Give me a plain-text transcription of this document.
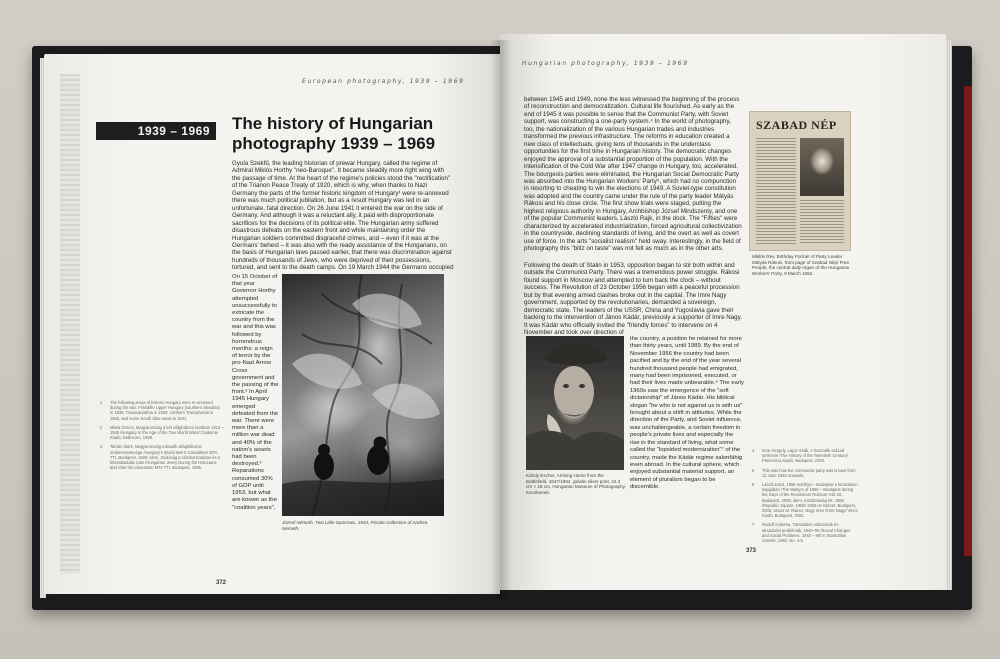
European photography, 1939 – 1969
1939 – 1969	The history of Hungarian photography 1939 – 1969

Gyula Szekfű, the leading historian of prewar Hungary, called the regime of Admiral Miklós Horthy "neo-Baroque". It became steadily more right wing with the passage of time. At the heart of the regime's policies stood the "rectification" of the Trianon Peace Treaty of 1920, which is why, when thanks to Nazi Germany the parts of the former historic kingdom of Hungary¹ were re-annexed there was much political jubilation, but as a result Hungary was led in an unfortunate, fatal direction. On 26 June 1941 it entered the war on the side of Germany. And although it was a reluctant ally, it paid with disproportionate sacrifices for the decisions of its political elite. The Hungarian army suffered disastrous defeats on the eastern front and while maintaining order the Hungarian soldiers committed disgraceful crimes, and – even if it was at the Germans' behest – it was also with the ready assistance of the Hungarians, on the basis of Hungarian laws passed earlier, that there was discrimination against hundreds of thousands of Jews, who were deprived of their possessions, tortured, and sent to the death camps. On 19 March 1944 the Germans occupied

On 15 October of that year Governor Horthy attempted unsuccessfully to extricate the country from the war and this was followed by horrendous months: a reign of terror by the pro-Nazi Arrow Cross government and the passing of the front.² In April 1945 Hungary emerged defeated from the war. There were more than a million war dead and 40% of the nation's assets had been destroyed.³ Reparations consumed 30% of GDP until 1953, but what are known as the "coalition years",

József Németh, Two Little Sparrows, 1944, Private Collection of Andrea Németh.

1	The following areas of historic Hungary were re-annexed during the war: Felvidék/ Upper Hungary (southern Slovakia) in 1938, Transcarpathia in 1939, northern Transylvania in 1940, and some South Slav areas in 1941.
2	Mária Ormos, Magyarország a két világháború korában 1914 – 1945 /Hungary in the Age of the Two World Wars/ Csokonai Kiadó, Debrecen, 1998.
3	Tamás Stark, Magyarország második világháborús embervesztesége /Hungary's World War II Casualties/ MTA TTI, Budapest, 1989; idem, Zsidóság a vészkorszakban és a felszabadulás után /Hungarian Jewry During the Holocaust and After the Liberation/ MTA TTI, Budapest, 1995.
372
Hungarian photography, 1939 – 1969

between 1945 and 1949, none the less witnessed the beginning of the process of reconstruction and democratization. Cultural life flourished. As early as the end of 1945 it was possible to sense that the Communist Party, with Soviet support, was constructing a one-party system.⁴ In the world of photography, too, the nationalization of the various Hungarian trades and industries transformed the previous infrastructure. The reforms in education created a new class of intellectuals, giving tens of thousands in the underclass opportunities for the first time in Hungarian history. The democratic changes enjoyed the approval of a substantial proportion of the population. With the intensification of the Cold War after 1947 change in Hungary, too, accelerated. The bourgeois parties were eliminated, the Hungarian Social Democratic Party was absorbed into the Hungarian Workers' Party⁵, which had no compunction in resorting to cheating to win the elections of 1949. A Soviet-type constitution was adopted and the country came under the rule of the party leader Mátyás Rákosi and his close circle. The first show trials were staged, putting the highest religious authority in Hungary, Archbishop József Mindszenty, and one of the popular Communist leaders, László Rajk, in the dock. The "Fifties" were characterized by accelerated industrialization, forced agricultural collectivization in the countryside, declining standards of living, and the overt as well as covert use of force. In the arts "socialist realism" held sway. Interestingly, in the field of photography this "blitz on taste" was not felt as much as in the other arts.

Following the death of Stalin in 1953, opposition began to stir both within and outside the Communist Party. There was a tremendous power struggle. Rákosi found support in Moscow and attempted to turn back the clock – without success. The Revolution of 23 October 1956 began with a peaceful procession but by that evening armed clashes broke out in the capital. The Imre Nagy government, supported by the revolutionaries, demanded a sovereign, democratic state. The leaders of the USSR, China and Yugoslavia gave their backing to the intervention of János Kádár, previously a supporter of Imre Nagy. It was Kádár who officially invited the "friendly forces" to intervene on 4 November and took over direction of

Károly Escher, Arriving Home from the Battlefield, 1947/1964, gelatin silver print, 24.3 cm × 18 cm, Hungarian Museum of Photography, Kecskemét.

the country, a position he retained for more than thirty years, until 1989. By the end of November 1956 the country had been pacified and by the end of the year several hundred thousand people had emigrated, many had been imprisoned, executed, or had their lives made unbearable.⁶ The early 1960s saw the emergence of the "soft dictatorship" of János Kádár. His biblical slogan "he who is not against us is with us" brought about a shift in attitudes. While the direction of the Party, and Soviet influence, was unchallengeable, a certain freedom in people's private lives and especially the rise in the standard of living, what some called the "lopsided modernization"⁷ of the country, made the Kádár regime salonfähig even abroad. In the cultural sphere, which enjoyed substantial material support, an element of pluralism began to be discernible.

SZABAD NÉP

Miklós Rév, Birthday Portrait of Party Leader Mátyás Rákosi, front page of Szabad Nép/ Free People, the central daily organ of the Hungarian Workers' Party, 9 March 1952.

4	Imre Gergely, Lajos Izsák, A huszadik század története /The History of the Twentieth Century/ Pannonica Kiadó, Budapest, 2000.
5	This was how the communist party was known from 12 June 1948 onwards.
6	László Eörsi, 1956 mártírjai – Budapest a forradalom napjaiban /The Martyrs of 1956 – Budapest during the Days of the Revolution/ Rubicon-Ház Bt., Budapest, 2006; idem, Köztársaság tér, 1956 /Republic Square, 1956/ 1956-os Intézet, Budapest, 2006; János M. Rainer, Nagy Imre /Imre Nagy/ Vince Kiadó, Budapest, 2002.
7	Rudolf Andorka, Társadalmi változások és társadalmi problémák, 1940–90 /Social Changes and Social Problems, 1940 – 90/ in Statisztikai Szemle, 1992, No. 4-5.
373
